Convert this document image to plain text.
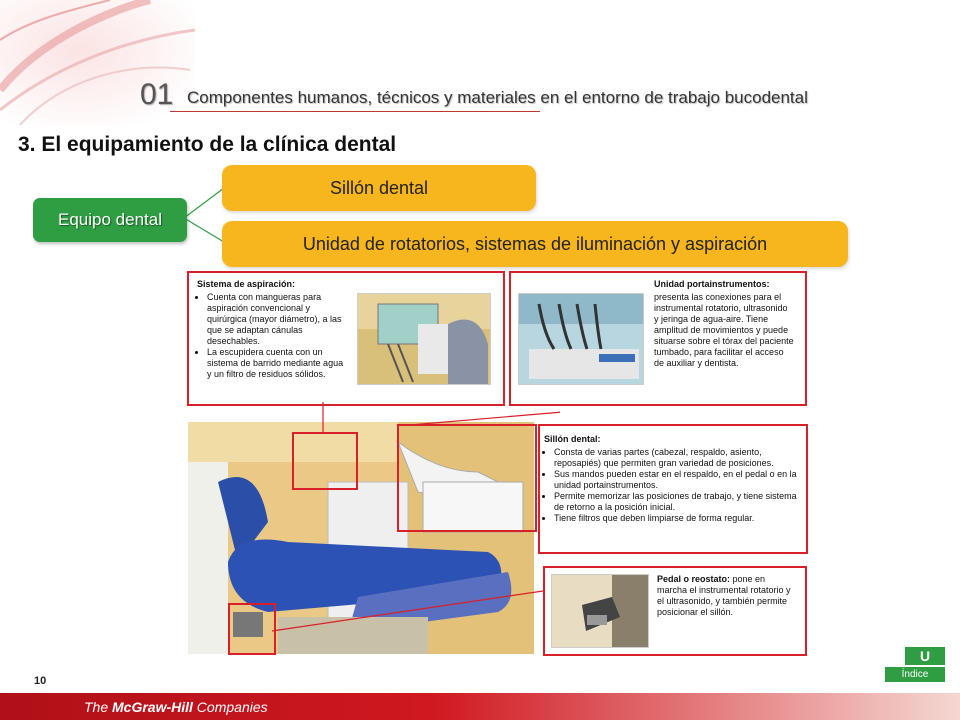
01 Componentes humanos, técnicos y materiales en el entorno de trabajo bucodental
3. El equipamiento de la clínica dental
Equipo dental
Sillón dental
Unidad de rotatorios, sistemas de iluminación y aspiración
Sistema de aspiración:
• Cuenta con mangueras para aspiración convencional y quirúrgica (mayor diámetro), a las que se adaptan cánulas desechables.
• La escupidera cuenta con un sistema de barrido mediante agua y un filtro de residuos sólidos.
Unidad portainstrumentos:
presenta las conexiones para el instrumental rotatorio, ultrasonido y jeringa de agua-aire. Tiene amplitud de movimientos y puede situarse sobre el tórax del paciente tumbado, para facilitar el acceso de auxiliar y dentista.
Sillón dental:
• Consta de varias partes (cabezal, respaldo, asiento, reposapiés) que permiten gran variedad de posiciones.
• Sus mandos pueden estar en el respaldo, en el pedal o en la unidad portainstrumentos.
• Permite memorizar las posiciones de trabajo, y tiene sistema de retorno a la posición inicial.
• Tiene filtros que deben limpiarse de forma regular.
Pedal o reostato: pone en marcha el instrumental rotatorio y el ultrasonido, y también permite posicionar el sillón.
10
U
Índice
The McGraw-Hill Companies
